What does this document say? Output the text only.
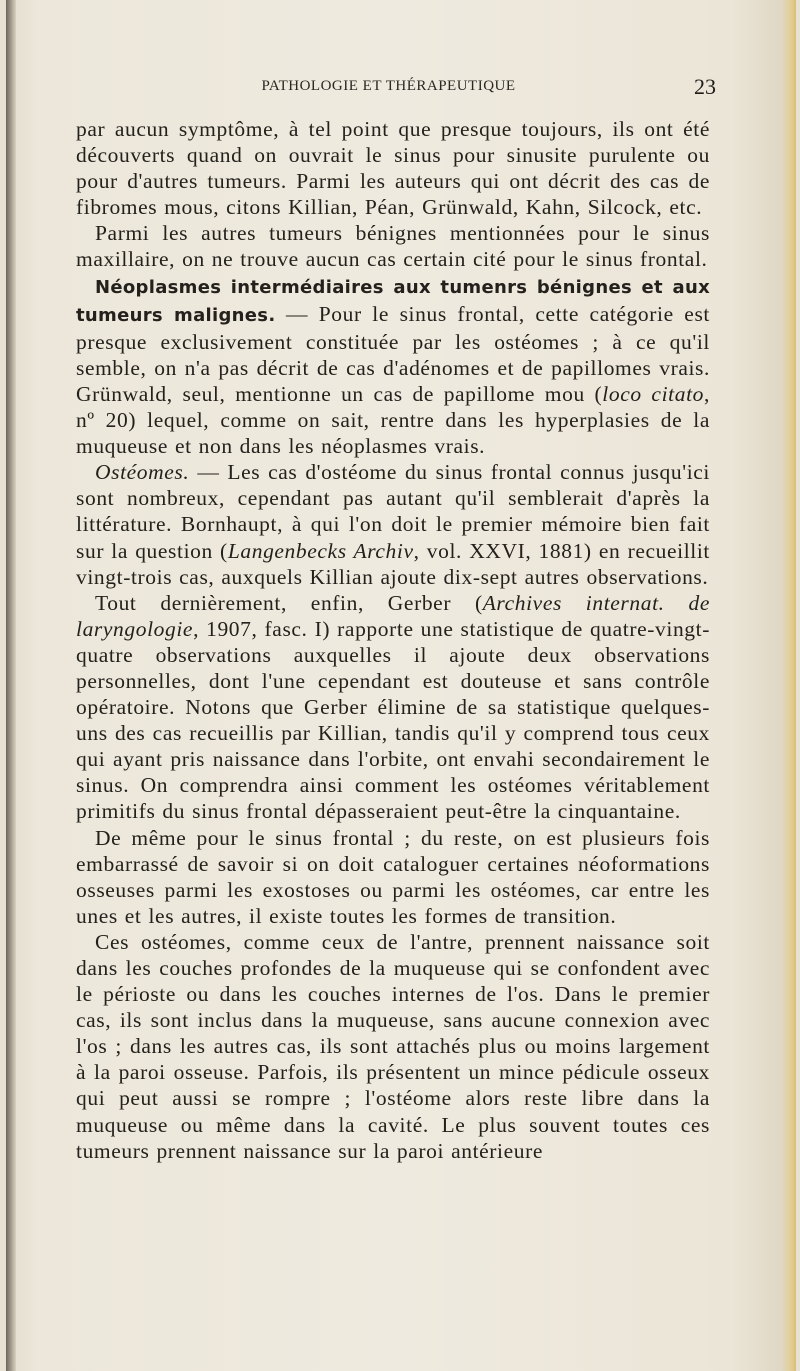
PATHOLOGIE ET THÉRAPEUTIQUE	23

par aucun symptôme, à tel point que presque toujours, ils ont été découverts quand on ouvrait le sinus pour sinusite purulente ou pour d'autres tumeurs. Parmi les auteurs qui ont décrit des cas de fibromes mous, citons Killian, Péan, Grünwald, Kahn, Silcock, etc.

Parmi les autres tumeurs bénignes mentionnées pour le sinus maxillaire, on ne trouve aucun cas certain cité pour le sinus frontal.

Néoplasmes intermédiaires aux tumenrs bénignes et aux tumeurs malignes. — Pour le sinus frontal, cette catégorie est presque exclusivement constituée par les ostéomes ; à ce qu'il semble, on n'a pas décrit de cas d'adénomes et de papillomes vrais. Grünwald, seul, mentionne un cas de papillome mou (loco citato, nº 20) lequel, comme on sait, rentre dans les hyperplasies de la muqueuse et non dans les néoplasmes vrais.

Ostéomes. — Les cas d'ostéome du sinus frontal connus jusqu'ici sont nombreux, cependant pas autant qu'il semblerait d'après la littérature. Bornhaupt, à qui l'on doit le premier mémoire bien fait sur la question (Langenbecks Archiv, vol. XXVI, 1881) en recueillit vingt-trois cas, auxquels Killian ajoute dix-sept autres observations.

Tout dernièrement, enfin, Gerber (Archives internat. de laryngologie, 1907, fasc. I) rapporte une statistique de quatre-vingt-quatre observations auxquelles il ajoute deux observations personnelles, dont l'une cependant est douteuse et sans contrôle opératoire. Notons que Gerber élimine de sa statistique quelques-uns des cas recueillis par Killian, tandis qu'il y comprend tous ceux qui ayant pris naissance dans l'orbite, ont envahi secondairement le sinus. On comprendra ainsi comment les ostéomes véritablement primitifs du sinus frontal dépasseraient peut-être la cinquantaine.

De même pour le sinus frontal ; du reste, on est plusieurs fois embarrassé de savoir si on doit cataloguer certaines néoformations osseuses parmi les exostoses ou parmi les ostéomes, car entre les unes et les autres, il existe toutes les formes de transition.

Ces ostéomes, comme ceux de l'antre, prennent naissance soit dans les couches profondes de la muqueuse qui se confondent avec le périoste ou dans les couches internes de l'os. Dans le premier cas, ils sont inclus dans la muqueuse, sans aucune connexion avec l'os ; dans les autres cas, ils sont attachés plus ou moins largement à la paroi osseuse. Parfois, ils présentent un mince pédicule osseux qui peut aussi se rompre ; l'ostéome alors reste libre dans la muqueuse ou même dans la cavité. Le plus souvent toutes ces tumeurs prennent naissance sur la paroi antérieure
